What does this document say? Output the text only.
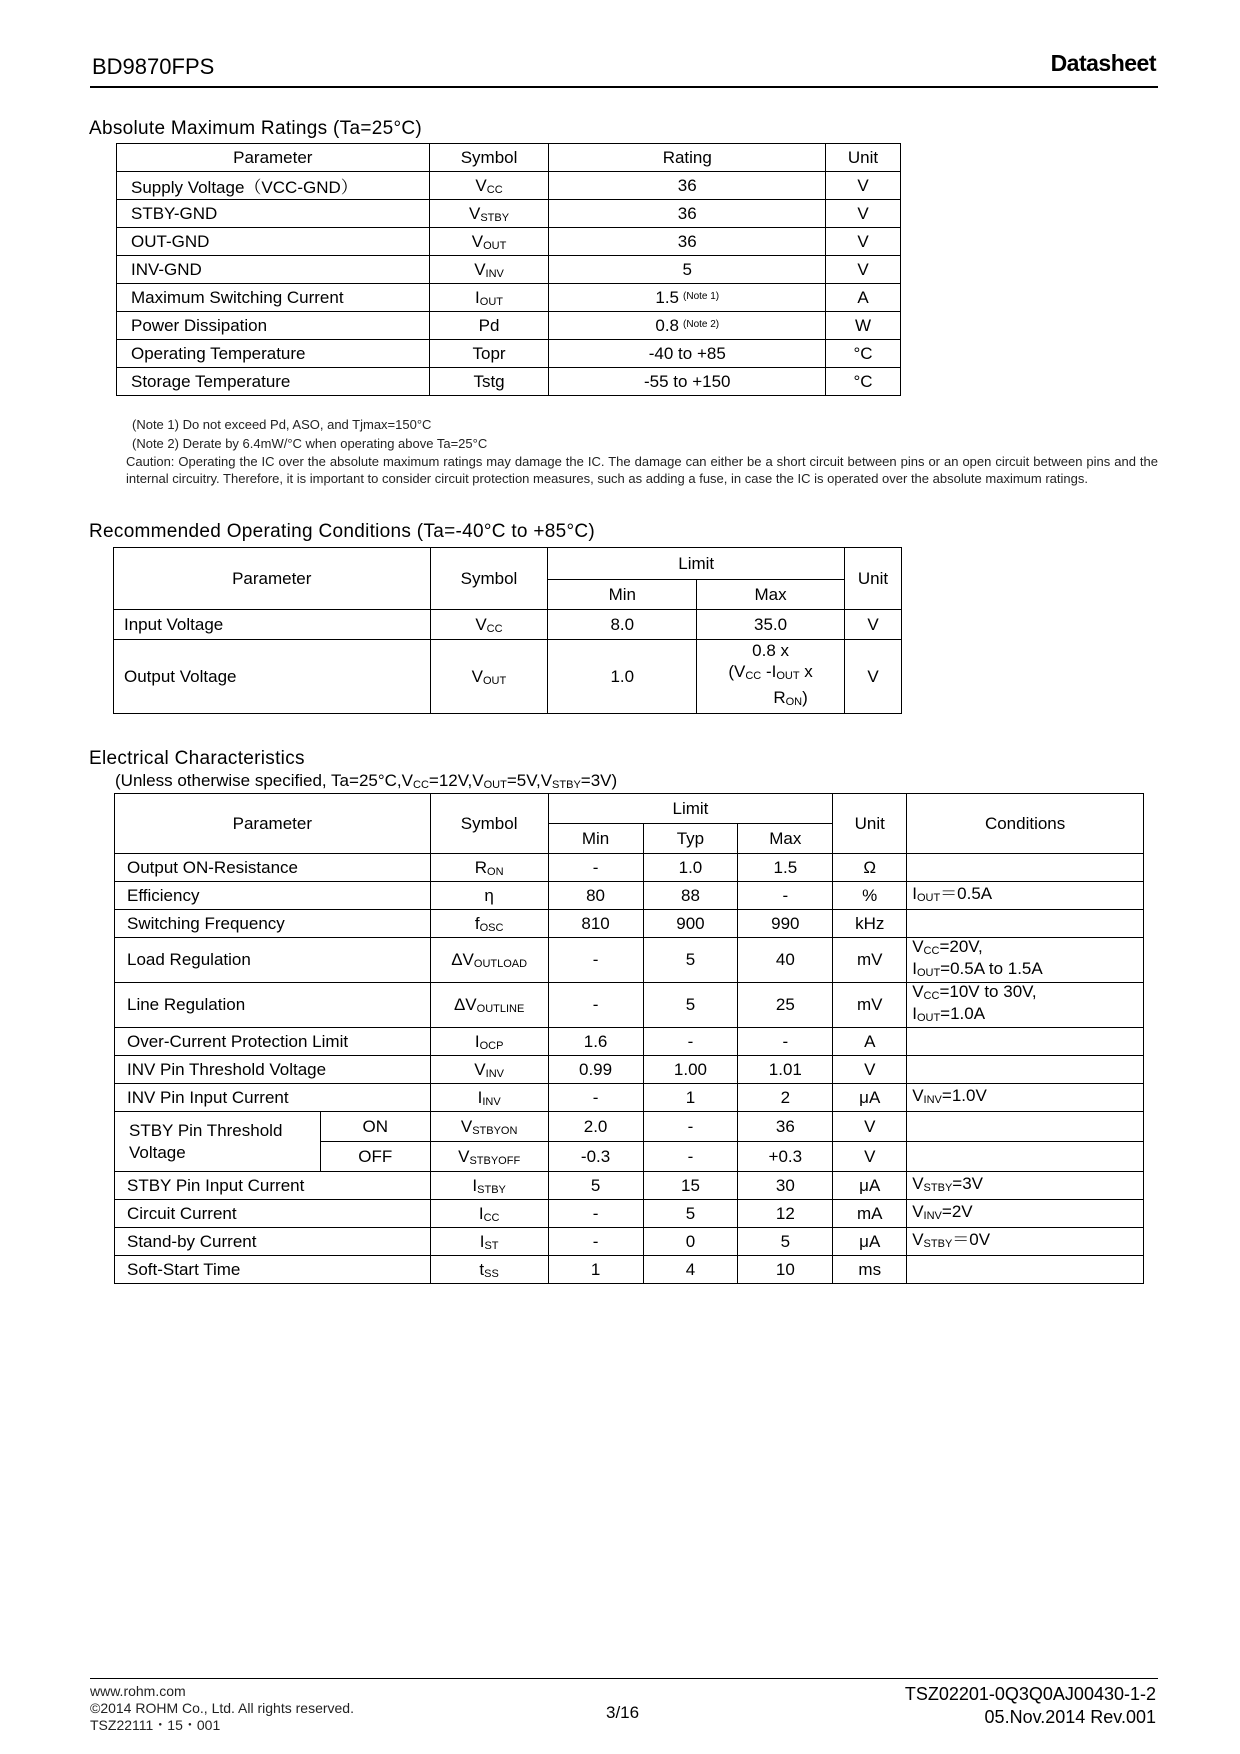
BD9870FPS	Datasheet
Absolute Maximum Ratings (Ta=25°C)
Parameter	Symbol	Rating	Unit
Supply Voltage（VCC-GND）	$V_{CC}$	36	V
STBY-GND	$V_{STBY}$	36	V
OUT-GND	$V_{OUT}$	36	V
INV-GND	$V_{INV}$	5	V
Maximum Switching Current	$I_{OUT}$	1.5 $^{(Note 1)}$	A
Power Dissipation	Pd	0.8 $^{(Note 2)}$	W
Operating Temperature	Topr	-40 to +85	°C
Storage Temperature	Tstg	-55 to +150	°C
(Note 1) Do not exceed Pd, ASO, and Tjmax=150°C
(Note 2) Derate by 6.4mW/°C when operating above Ta=25°C
Caution: Operating the IC over the absolute maximum ratings may damage the IC. The damage can either be a short circuit between pins or an open circuit between pins and the internal circuitry. Therefore, it is important to consider circuit protection measures, such as adding a fuse, in case the IC is operated over the absolute maximum ratings.
Recommended Operating Conditions (Ta=-40°C to +85°C)
Parameter	Symbol	Limit		Unit
		Min	Max	
Input Voltage	$V_{CC}$	8.0	35.0	V
Output Voltage	$V_{OUT}$	1.0	0.8 x
($V_{CC}$ $-I_{OUT}$ x
$R_{ON}$)	V
Electrical Characteristics
(Unless otherwise specified, $Ta=25^\circ C,V_{CC}=12V,V_{OUT}=5V,V_{STBY}=3V$)
Parameter		Symbol	Limit			Unit	Conditions
			Min	Typ	Max		
Output ON-Resistance		$R_{ON}$	-	1.0	1.5	Ω	
Efficiency		η	80	88	-	%	$I_{OUT}=0.5A$

Switching Frequency		$f_{OSC}$	810	900	990	kHz	
Load Regulation		$\Delta V_{OUTLOAD}$	-	5	40	mV	$V_{CC}=20V$,
$I_{OUT}=0.5A$ to 1.5A

Line Regulation		$\Delta V_{OUTLINE}$	-	5	25	mV	$V_{CC}=10V$ to 30V,
$I_{OUT}=1.0A$

Over-Current Protection Limit		$I_{OCP}$	1.6	-	-	A	
INV Pin Threshold Voltage		$V_{INV}$	0.99	1.00	1.01	V	
INV Pin Input Current		$I_{INV}$	-	1	2	μA	$V_{INV}=1.0V$

STBY Pin Threshold
Voltage	ON	$V_{STBYON}$	2.0	-	36	V	
	OFF	$V_{STBYOFF}$	-0.3	-	+0.3	V	
STBY Pin Input Current		$I_{STBY}$	5	15	30	μA	$V_{STBY}=3V$

Circuit Current		$I_{CC}$	-	5	12	mA	$V_{INV}=2V$

Stand-by Current		$I_{ST}$	-	0	5	μA	$V_{STBY}=0V$

Soft-Start Time		$t_{SS}$	1	4	10	ms	
www.rohm.com
©2014 ROHM Co., Ltd. All rights reserved.
TSZ22111・15・001
3/16
TSZ02201-0Q3Q0AJ00430-1-2
05.Nov.2014 Rev.001
